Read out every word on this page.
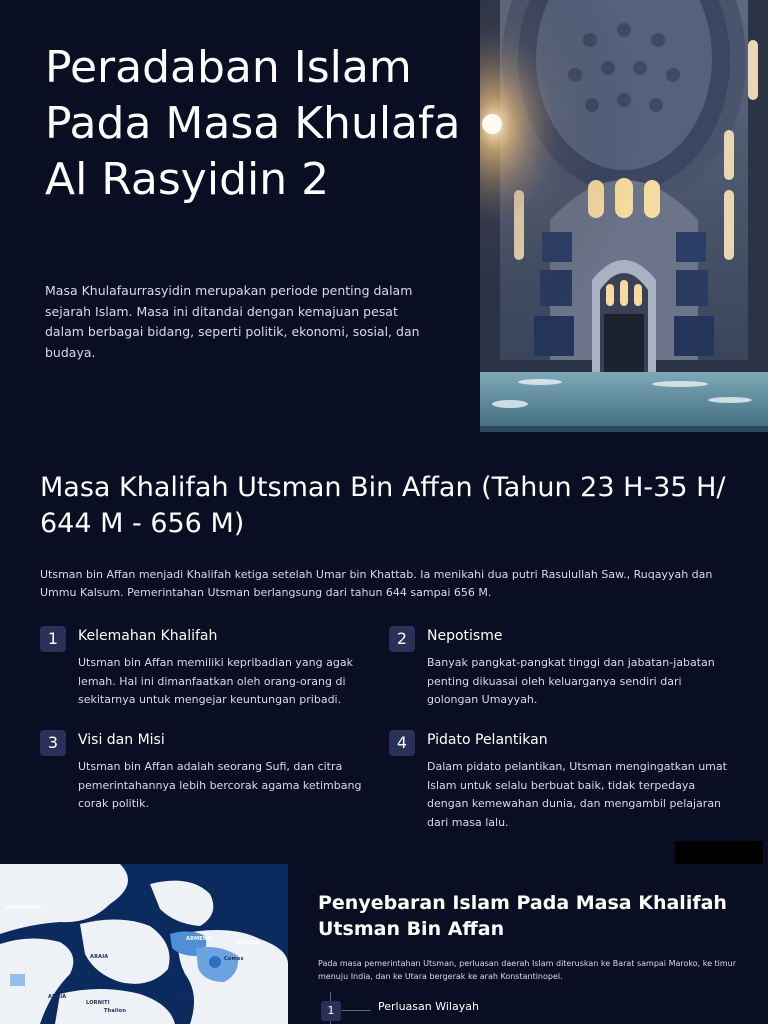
Peradaban Islam Pada Masa Khulafa Al Rasyidin 2

Masa Khulafaurrasyidin merupakan periode penting dalam sejarah Islam. Masa ini ditandai dengan kemajuan pesat dalam berbagai bidang, seperti politik, ekonomi, sosial, dan budaya.

Masa Khalifah Utsman Bin Affan (Tahun 23 H-35 H/ 644 M - 656 M)

Utsman bin Affan menjadi Khalifah ketiga setelah Umar bin Khattab. Ia menikahi dua putri Rasulullah Saw., Ruqayyah dan Ummu Kalsum. Pemerintahan Utsman berlangsung dari tahun 644 sampai 656 M.

1	Kelemahan Khalifah
Utsman bin Affan memiliki kepribadian yang agak lemah. Hal ini dimanfaatkan oleh orang-orang di sekitarnya untuk mengejar keuntungan pribadi.
2	Nepotisme
Banyak pangkat-pangkat tinggi dan jabatan-jabatan penting dikuasai oleh keluarganya sendiri dari golongan Umayyah.
3	Visi dan Misi
Utsman bin Affan adalah seorang Sufi, dan citra pemerintahannya lebih bercorak agama ketimbang corak politik.
4	Pidato Pelantikan
Dalam pidato pelantikan, Utsman mengingatkan umat Islam untuk selalu berbuat baik, tidak terpedaya dengan kemewahan dunia, dan mengambil pelajaran dari masa lalu.
MEKINATIAS
ARAIA
ARIA
LORNITI
ARAIA
RATZAA
ARMENIA
Thalion
Comes
Penyebaran Islam Pada Masa Khalifah Utsman Bin Affan

Pada masa pemerintahan Utsman, perluasan daerah Islam diteruskan ke Barat sampai Maroko, ke timur menuju India, dan ke Utara bergerak ke arah Konstantinopel.

1	Perluasan Wilayah
